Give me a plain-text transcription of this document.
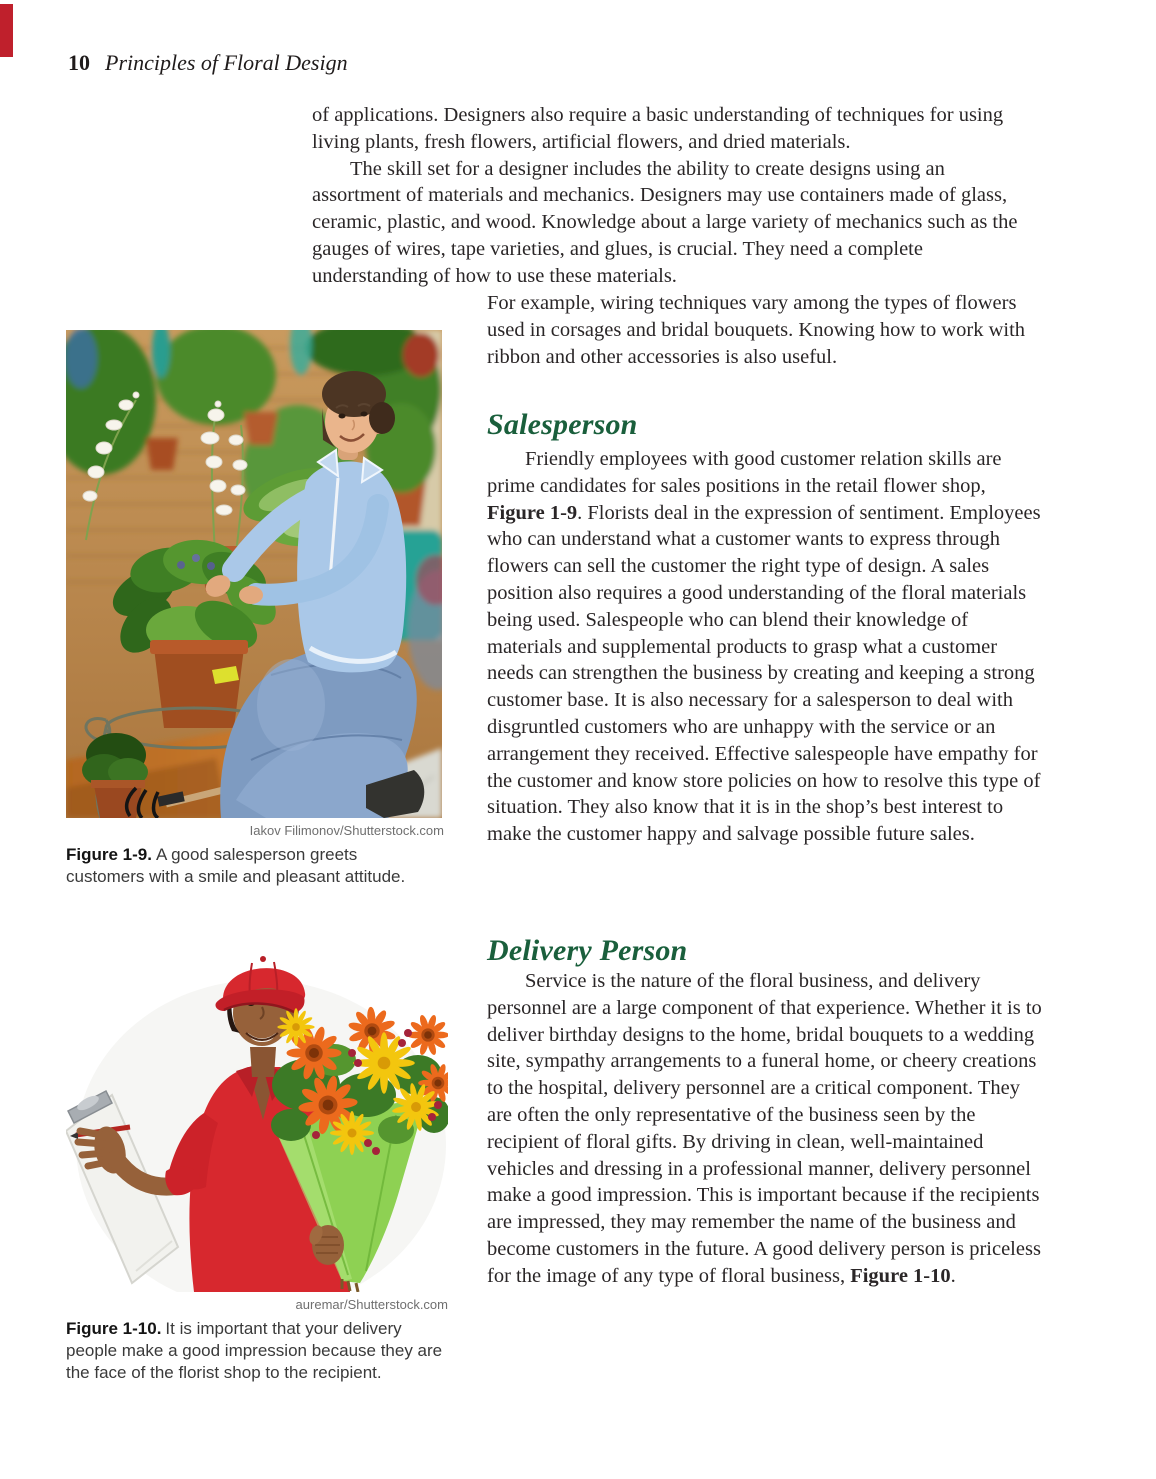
10 Principles of Floral Design

of applications. Designers also require a basic understanding of techniques for using living plants, fresh flowers, artificial flowers, and dried materials.

The skill set for a designer includes the ability to create designs using an assortment of materials and mechanics. Designers may use containers made of glass, ceramic, plastic, and wood. Knowledge about a large variety of mechanics such as the gauges of wires, tape varieties, and glues, is crucial. They need a complete understanding of how to use these materials.

For example, wiring techniques vary among the types of flowers used in corsages and bridal bouquets. Knowing how to work with ribbon and other accessories is also useful.

Salesperson

Friendly employees with good customer relation skills are prime candidates for sales positions in the retail flower shop, Figure 1-9. Florists deal in the expression of sentiment. Employees who can understand what a customer wants to express through flowers can sell the customer the right type of design. A sales position also requires a good understanding of the floral materials being used. Salespeople who can blend their knowledge of materials and supplemental products to grasp what a customer needs can strengthen the business by creating and keeping a strong customer base. It is also necessary for a salesperson to deal with disgruntled customers who are unhappy with the service or an arrangement they received. Effective salespeople have empathy for the customer and know store policies on how to resolve this type of situation. They also know that it is in the shop’s best interest to make the customer happy and salvage possible future sales.

Delivery Person

Service is the nature of the floral business, and delivery personnel are a large component of that experience. Whether it is to deliver birthday designs to the home, bridal bouquets to a wedding site, sympathy arrangements to a funeral home, or cheery creations to the hospital, delivery personnel are a critical component. They are often the only representative of the business seen by the recipient of floral gifts. By driving in clean, well-maintained vehicles and dressing in a professional manner, delivery personnel make a good impression. This is important because if the recipients are impressed, they may remember the name of the business and become customers in the future. A good delivery person is priceless for the image of any type of floral business, Figure 1-10.

Iakov Filimonov/Shutterstock.com
Figure 1-9. A good salesperson greets customers with a smile and pleasant attitude.
auremar/Shutterstock.com
Figure 1-10. It is important that your delivery people make a good impression because they are the face of the florist shop to the recipient.
